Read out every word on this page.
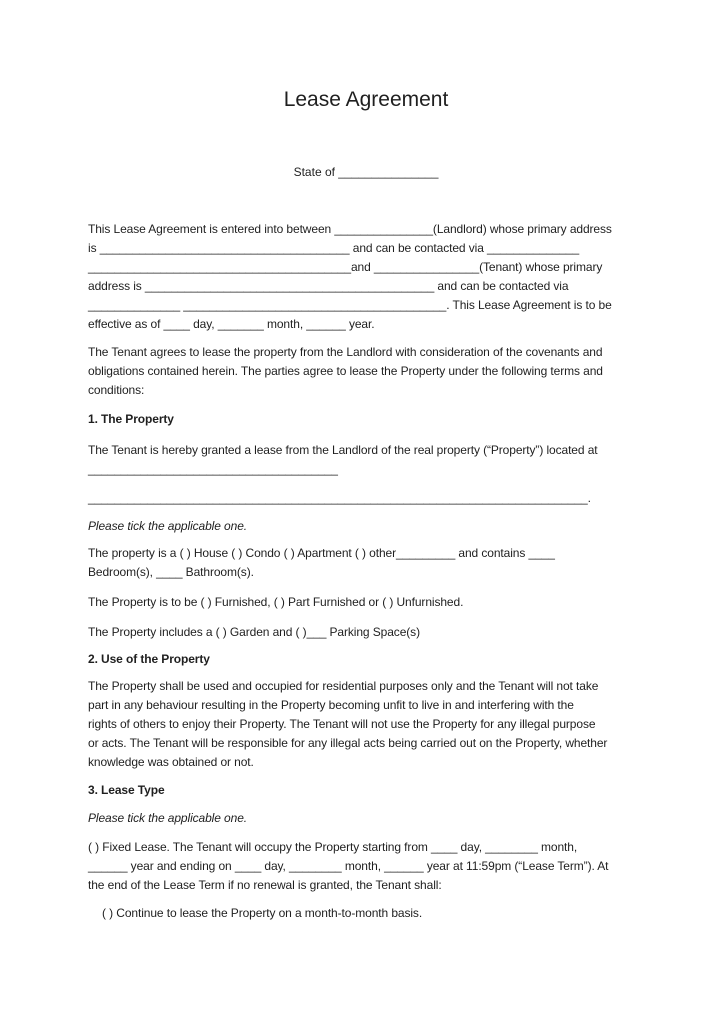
Lease Agreement
State of _______________
This Lease Agreement is entered into between _______________(Landlord) whose primary address
is ______________________________________ and can be contacted via ______________
________________________________________and ________________(Tenant) whose primary
address is ____________________________________________ and can be contacted via
______________ ________________________________________. This Lease Agreement is to be
effective as of ____ day, _______ month, ______ year.
The Tenant agrees to lease the property from the Landlord with consideration of the covenants and
obligations contained herein. The parties agree to lease the Property under the following terms and
conditions:
1. The Property
The Tenant is hereby granted a lease from the Landlord of the real property (“Property”) located at
______________________________________
____________________________________________________________________________.
Please tick the applicable one.
The property is a ( ) House ( ) Condo ( ) Apartment ( ) other_________ and contains ____
Bedroom(s), ____ Bathroom(s).
The Property is to be ( ) Furnished, ( ) Part Furnished or ( ) Unfurnished.
The Property includes a ( ) Garden and ( )___ Parking Space(s)
2. Use of the Property
The Property shall be used and occupied for residential purposes only and the Tenant will not take
part in any behaviour resulting in the Property becoming unfit to live in and interfering with the
rights of others to enjoy their Property. The Tenant will not use the Property for any illegal purpose
or acts. The Tenant will be responsible for any illegal acts being carried out on the Property, whether
knowledge was obtained or not.
3. Lease Type
Please tick the applicable one.
( ) Fixed Lease. The Tenant will occupy the Property starting from ____ day, ________ month,
______ year and ending on ____ day, ________ month, ______ year at 11:59pm (“Lease Term”). At
the end of the Lease Term if no renewal is granted, the Tenant shall:
( ) Continue to lease the Property on a month-to-month basis.
